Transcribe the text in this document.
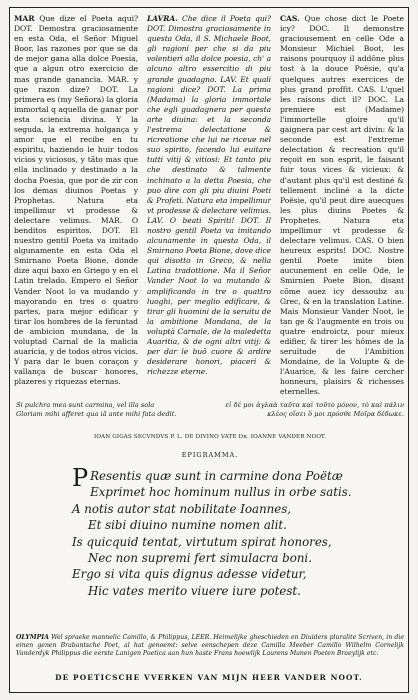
MAR Que dize el Poeta aqui? DOT. Demostra graciosamente en esta Oda, el Señor Miguel Boor, las razones por que se da de mejor gana alla dolce Poesia, que a algun otro exercicio de mas grande ganancia. MAR. y que razon dize? DOT. La primera es (my Señora) la gloria immortal q aquella de ganar por esta sciencia divina. Y la seguda, la extrema holgança y amor que el recibe en tu espiritu, haziendo le huir todos vicios y viciosos, y tãto mas que ella inclinado y destinado a la docha Poesia, que por de zir con los demas diuinos Poetas y Prophetas. Natura eta impellimur vt prodesse & delectare velimus. MAR. O benditos espiritos. DOT. El nuestro gentil Poeta va imitado algunamente en esta Oda el Smirnano Poeta Bione, donde dize aqui baxo en Griego y en el Latin trelado. Empero el Señor Vander Noot lo va mudando y mayorando en tres o quatro partes, para mejor edificar y tirar los hombres de la feruntad de ambicion mundana, de la voluptad Carnal de la malicia auaricia, y de todos otros vicios. Y para dar le buen coraçon y vallança de buscar honores, plazeres y riquezas eternas.
LAVRA. Che dice il Poeta qui? DOT. Dimostra graciosamente in questa Oda, il S. Michaele Boot, gli ragioni per che si da piu volentieri alla dolce poesia, ch' a alcuno altro essercitio di piu grande guadagno. LAV. Et quali ragioni dice? DOT. La prima (Madama) la gloria immortale che egli guadagnera per questa arte diuina: et la seconda l'estrema delectatione & ricreatione che lui ne riceue nel suo spirito, facendo lui euitare tutti vitij & vitiosi: Et tanto piu che destinato & talmente inchinato a la detta Poesia, che puo dire con gli piu diuini Poeti & Profeti. Natura eta impellimur vt prodesse & delectare velimus. LAV. O beati Spiriti! DOT. Il nostro gentil Poeta va imitando alcunamente in questa Oda, il Smirnano Poeta Bione, dove dice qui disotto in Greco, & nella Latina tradottione. Ma il Señor Vander Noot lo va mutando & amplificando in tre o quattro luoghi, per meglio edificare, & tirar gli huomini de la seruitu de la ambitione Mondana, de la voluptà Carnale, de la maledetta Auaritia, & de ogni altri vitij: & per dar le buõ cuore & ardire desiderare honori, piaceri & richezze eterne.
CAS. Que chose dict le Poete icy? DOC. Il demonstre graciousement en celle Ode a Monsieur Michiel Boot, les raisons pourquoy il addône plus tost à la douce Poësie, qu'a quelques autres exercices de plus grand proffit. CAS. L'quel les raisons dict il? DOC. La premiere est (Madame) l'immortelle gloire qu'il gaignera par cest art divin: & la seconde est l'extreme delectation & recreation qu'il reçoit en son esprit, le faisant fuir tous vices & vicieux: & d'autant plus qu'il est destiné & tellement incliné a la dicte Poësie, qu'il peut dire auecques les plus diuins Poetes & Prophetes. Natura eta impellimur vt prodesse & delectare velimus. CAS. O bien heureux esprits! DOC. Nostre gentil Poete imite bien aucunement en celle Ode, le Smirnien Poete Bion, disant cõme auez icy dessoubz au Grec, & en la translation Latine. Mais Monsieur Vander Noot, le tan ge & l'augmente en trois ou quatre endroictz, pour mieux edifier, & tirer les hômes de la seruitude de l'Ambition Mondaine, de la Volupte & de l'Auarice, & les faire cercher honneurs, plaisirs & richesses eternelles.
Si pulchra mea sunt carmina, vel illa sola
Gloriam mihi afferet qua iã ante mihi fata dedit.
εἰ δέ μοι ἀγλαὰ ταῦτα καὶ τοῦτο μόνον, τὸ καὶ πάλιν
κλέος οἴσει ὅ μοι πρόσθε Μοῖρα δέδωκε.
IOAN GIGAS SECVNDVS P. L. DE DIVINO VATE Dn. IOANNE VANDER NOOT.
EPIGRAMMA.
P Resentis quæ sunt in carmine dona Poëtæ
Exprimet hoc hominum nullus in orbe satis.
A notis autor stat nobilitate Ioannes,
Et sibi diuino numine nomen alit.
Is quicquid tentat, virtutum spirat honores,
Nec non supremi fert simulacra boni.
Ergo si vita quis dignus adesse videtur,
Hic vates merito viuere iure potest.
OLYMPIA Wel spraeke mannelic Camillo, & Philippus, LEER. Heimelijke gheschieden en Diuiders pluralite Scriven, in die einen genen Brabantsche Poet, al hat genoemt: selve eenschepen deze Camilla Meeber Camillo Wilhelm Cornelijk Vanderdyk Philippus die eerste Lanigen Poetica aan hun haste Frans hoewlijk Laurens Manen Poeten Braeylijk etc.
DE POETICSCHE VVERKEN VAN MIJN HEER VANDER NOOT.
